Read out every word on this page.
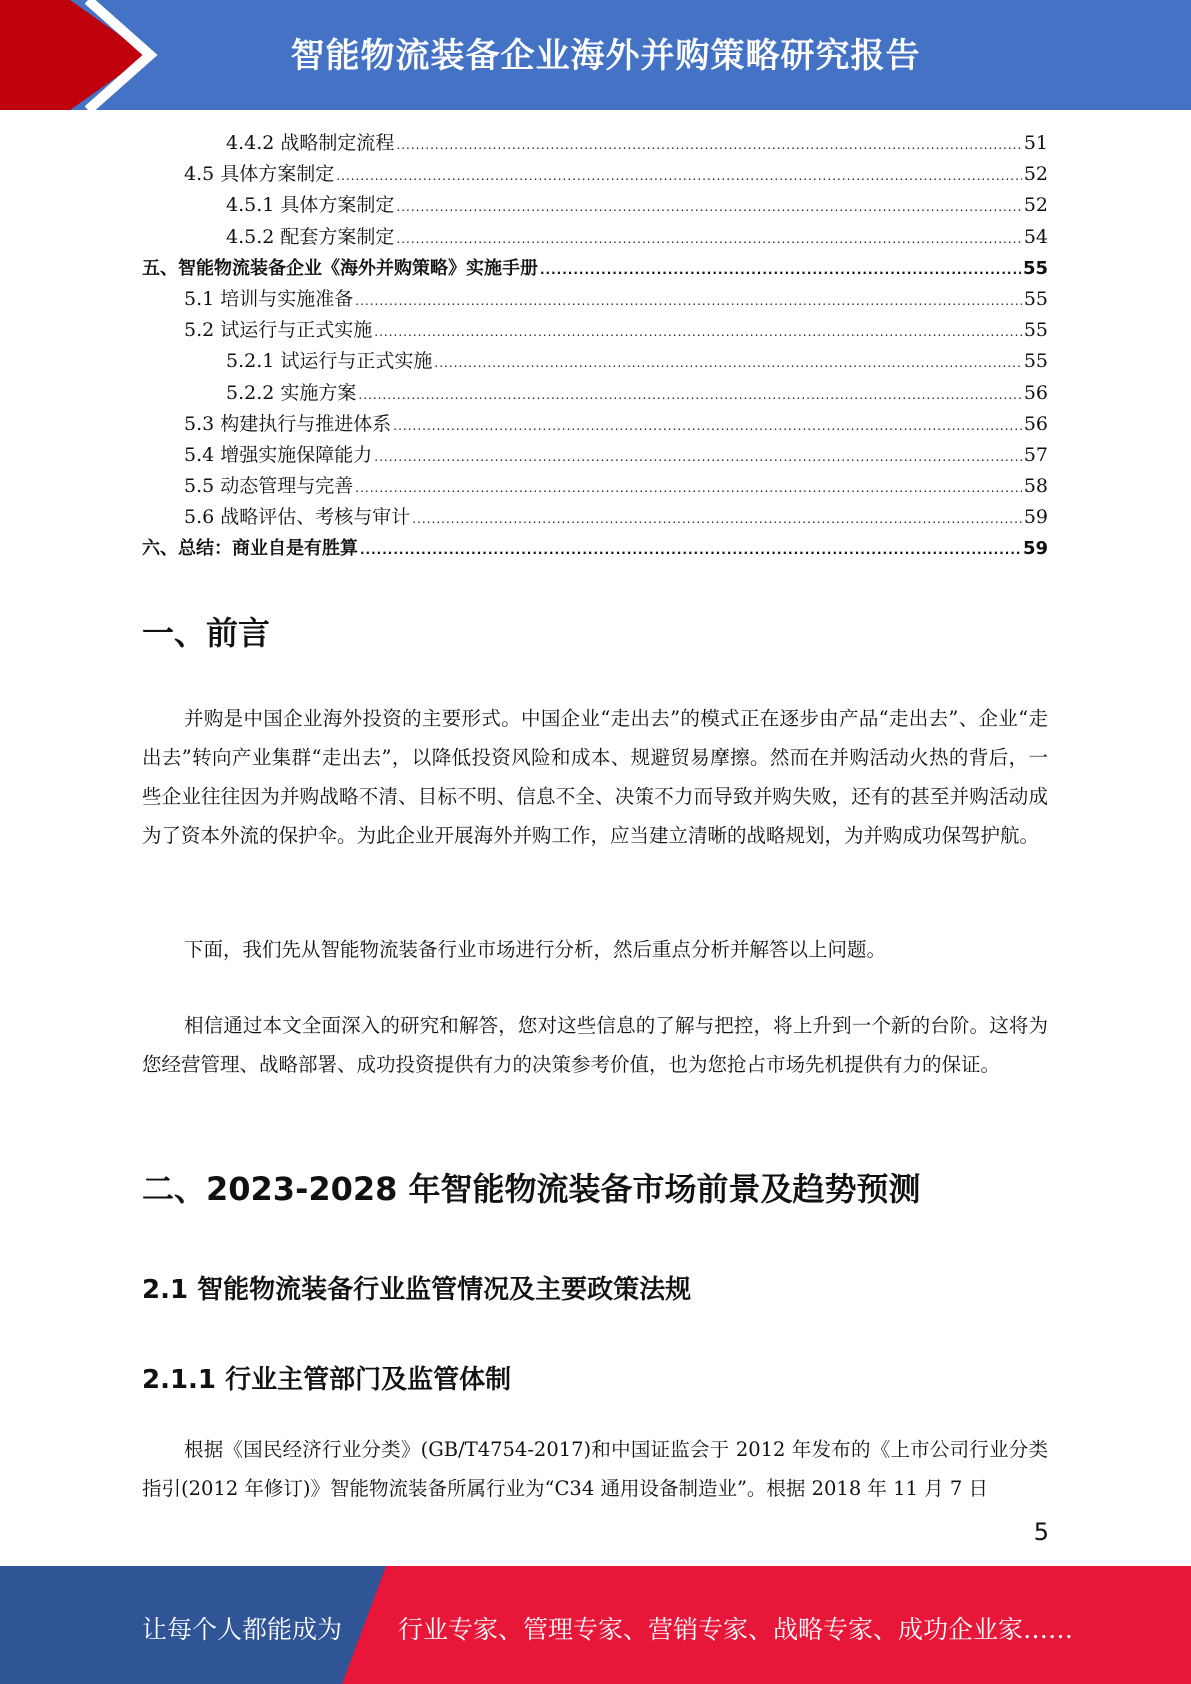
智能物流装备企业海外并购策略研究报告
4.4.2 战略制定流程 .....	51
4.5 具体方案制定 .....	52
4.5.1 具体方案制定 .....	52
4.5.2 配套方案制定 .....	54
五、智能物流装备企业《海外并购策略》实施手册 .....	55
5.1 培训与实施准备 .....	55
5.2 试运行与正式实施 .....	55
5.2.1 试运行与正式实施 .....	55
5.2.2 实施方案 .....	56
5.3 构建执行与推进体系 .....	56
5.4 增强实施保障能力 .....	57
5.5 动态管理与完善 .....	58
5.6 战略评估、考核与审计 .....	59
六、总结：商业自是有胜算 .....	59
一、前言
并购是中国企业海外投资的主要形式。中国企业“走出去”的模式正在逐步由产品“走出去”、企业“走出去”转向产业集群“走出去”，以降低投资风险和成本、规避贸易摩擦。然而在并购活动火热的背后，一些企业往往因为并购战略不清、目标不明、信息不全、决策不力而导致并购失败，还有的甚至并购活动成为了资本外流的保护伞。为此企业开展海外并购工作，应当建立清晰的战略规划，为并购成功保驾护航。
下面，我们先从智能物流装备行业市场进行分析，然后重点分析并解答以上问题。
相信通过本文全面深入的研究和解答，您对这些信息的了解与把控，将上升到一个新的台阶。这将为您经营管理、战略部署、成功投资提供有力的决策参考价值，也为您抢占市场先机提供有力的保证。
二、2023-2028 年智能物流装备市场前景及趋势预测
2.1 智能物流装备行业监管情况及主要政策法规
2.1.1 行业主管部门及监管体制
根据《国民经济行业分类》(GB/T4754-2017)和中国证监会于 2012 年发布的《上市公司行业分类指引(2012 年修订)》智能物流装备所属行业为“C34 通用设备制造业”。根据 2018 年 11 月 7 日
5
让每个人都能成为 行业专家、管理专家、营销专家、战略专家、成功企业家……
